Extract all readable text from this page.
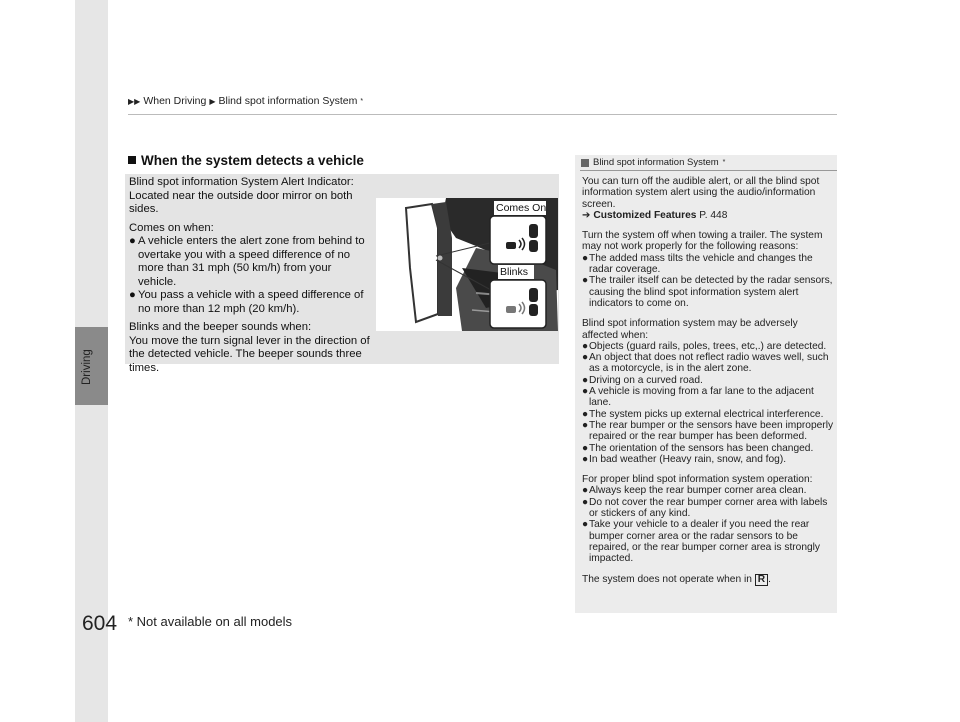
Driving
▶▶ When Driving ▶ Blind spot information System *
When the system detects a vehicle

Blind spot information System Alert Indicator:

Located near the outside door mirror on both sides.

Comes on when:

● A vehicle enters the alert zone from behind to overtake you with a speed difference of no more than 31 mph (50 km/h) from your vehicle.
● You pass a vehicle with a speed difference of no more than 12 mph (20 km/h).

Blinks and the beeper sounds when:

You move the turn signal lever in the direction of the detected vehicle. The beeper sounds three times.

Comes On
Blinks
Blind spot information System *

You can turn off the audible alert, or all the blind spot information system alert using the audio/information screen.

➔ Customized Features P. 448

Turn the system off when towing a trailer. The system may not work properly for the following reasons:

● The added mass tilts the vehicle and changes the radar coverage.
● The trailer itself can be detected by the radar sensors, causing the blind spot information system alert indicators to come on.

Blind spot information system may be adversely affected when:

● Objects (guard rails, poles, trees, etc,.) are detected.
● An object that does not reflect radio waves well, such as a motorcycle, is in the alert zone.
● Driving on a curved road.
● A vehicle is moving from a far lane to the adjacent lane.
● The system picks up external electrical interference.
● The rear bumper or the sensors have been improperly repaired or the rear bumper has been deformed.
● The orientation of the sensors has been changed.
● In bad weather (Heavy rain, snow, and fog).

For proper blind spot information system operation:

● Always keep the rear bumper corner area clean.
● Do not cover the rear bumper corner area with labels or stickers of any kind.
● Take your vehicle to a dealer if you need the rear bumper corner area or the radar sensors to be repaired, or the rear bumper corner area is strongly impacted.

The system does not operate when in R .

604 * Not available on all models
